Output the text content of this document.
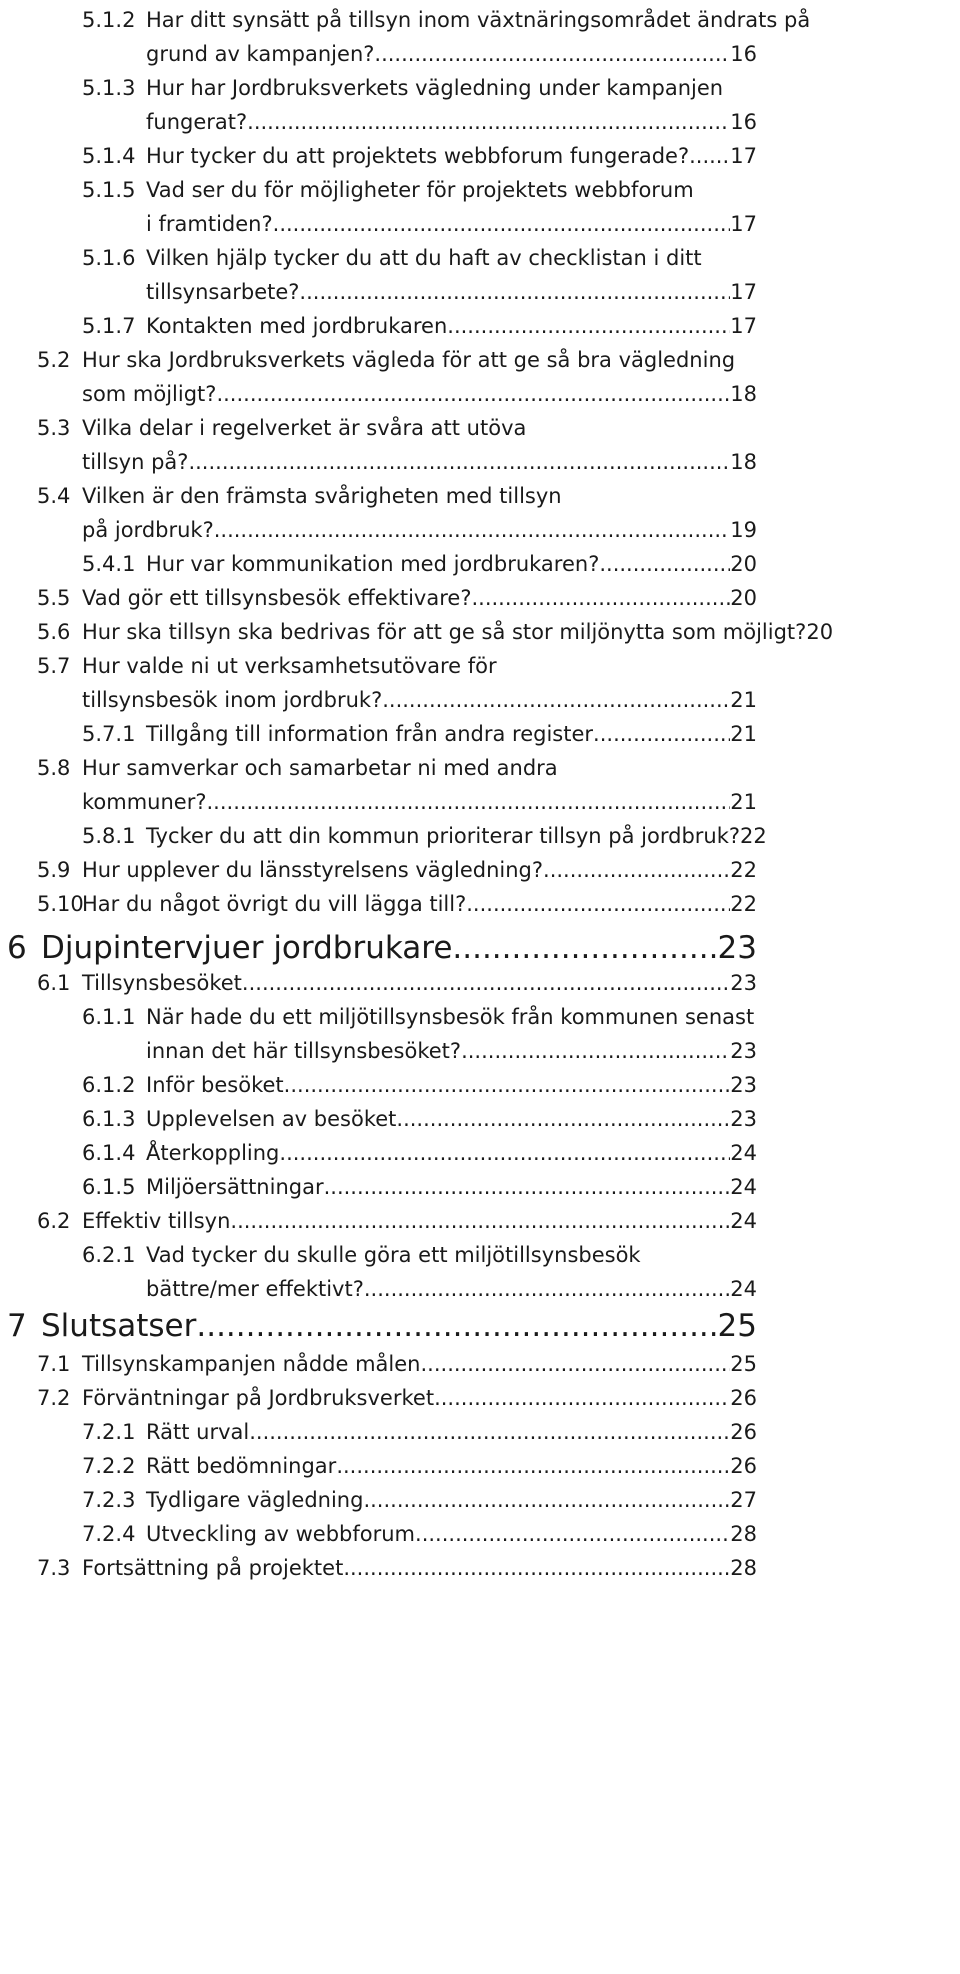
5.1.2 Har ditt synsätt på tillsyn inom växtnäringsområdet ändrats på
grund av kampanjen? .....	16
5.1.3 Hur har Jordbruksverkets vägledning under kampanjen
fungerat? .....	16
5.1.4 Hur tycker du att projektets webbforum fungerade? ..... 17
5.1.5 Vad ser du för möjligheter för projektets webbforum
i framtiden? .....	17
5.1.6 Vilken hjälp tycker du att du haft av checklistan i ditt
tillsynsarbete? .....	17
5.1.7 Kontakten med jordbrukaren .....	17
5.2 Hur ska Jordbruksverkets vägleda för att ge så bra vägledning
som möjligt? .....	18
5.3 Vilka delar i regelverket är svåra att utöva
tillsyn på? .....	18
5.4 Vilken är den främsta svårigheten med tillsyn
på jordbruk? .....	19
5.4.1 Hur var kommunikation med jordbrukaren? .....	20
5.5 Vad gör ett tillsynsbesök effektivare? .....	20
5.6 Hur ska tillsyn ska bedrivas för att ge så stor miljönytta som möjligt? 20
5.7 Hur valde ni ut verksamhetsutövare för
tillsynsbesök inom jordbruk? .....	21
5.7.1 Tillgång till information från andra register .....	21
5.8 Hur samverkar och samarbetar ni med andra
kommuner? .....	21
5.8.1 Tycker du att din kommun prioriterar tillsyn på jordbruk? 22
5.9 Hur upplever du länsstyrelsens vägledning? .....	22
5.10
Har du något övrigt du vill lägga till? .....	22
6 Djupintervjuer jordbrukare .....	23
6.1 Tillsynsbesöket .....	23
6.1.1 När hade du ett miljötillsynsbesök från kommunen senast
innan det här tillsynsbesöket? .....	23
6.1.2 Inför besöket .....	23
6.1.3 Upplevelsen av besöket .....	23
6.1.4 Återkoppling .....	24
6.1.5 Miljöersättningar .....	24
6.2 Effektiv tillsyn .....	24
6.2.1 Vad tycker du skulle göra ett miljötillsynsbesök
bättre/mer effektivt? .....	24
7 Slutsatser .....	25
7.1 Tillsynskampanjen nådde målen .....	25
7.2 Förväntningar på Jordbruksverket .....	26
7.2.1 Rätt urval .....	26
7.2.2 Rätt bedömningar .....	26
7.2.3 Tydligare vägledning .....	27
7.2.4 Utveckling av webbforum .....	28
7.3 Fortsättning på projektet .....	28
